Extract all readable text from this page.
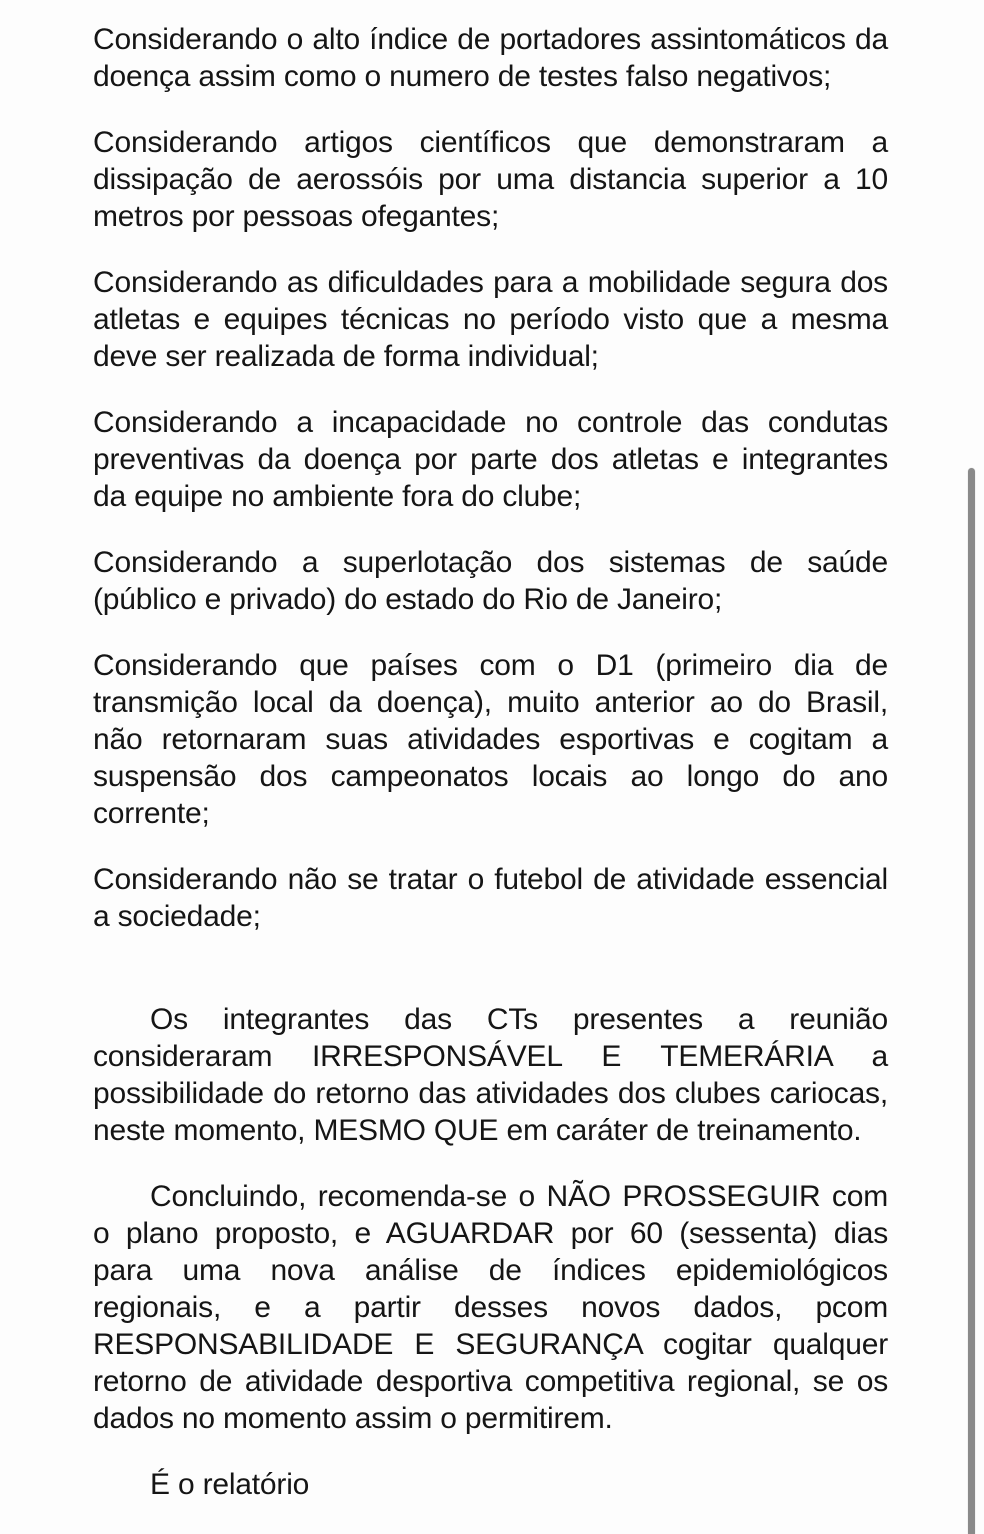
Considerando o alto índice de portadores assintomáticos da doença assim como o numero de testes falso negativos;

Considerando artigos científicos que demonstraram a dissipação de aerossóis por uma distancia superior a 10 metros por pessoas ofegantes;

Considerando as dificuldades para a mobilidade segura dos atletas e equipes técnicas no período visto que a mesma deve ser realizada de forma individual;

Considerando a incapacidade no controle das condutas preventivas da doença por parte dos atletas e integrantes da equipe no ambiente fora do clube;

Considerando a superlotação dos sistemas de saúde (público e privado) do estado do Rio de Janeiro;

Considerando que países com o D1 (primeiro dia de transmição local da doença), muito anterior ao do Brasil, não retornaram suas atividades esportivas e cogitam a suspensão dos campeonatos locais ao longo do ano corrente;

Considerando não se tratar o futebol de atividade essencial a sociedade;

Os integrantes das CTs presentes a reunião consideraram IRRESPONSÁVEL E TEMERÁRIA a possibilidade do retorno das atividades dos clubes cariocas, neste momento, MESMO QUE em caráter de treinamento.

Concluindo, recomenda-se o NÃO PROSSEGUIR com o plano proposto, e AGUARDAR por 60 (sessenta) dias para uma nova análise de índices epidemiológicos regionais, e a partir desses novos dados, pcom RESPONSABILIDADE E SEGURANÇA cogitar qualquer retorno de atividade desportiva competitiva regional, se os dados no momento assim o permitirem.

É o relatório
